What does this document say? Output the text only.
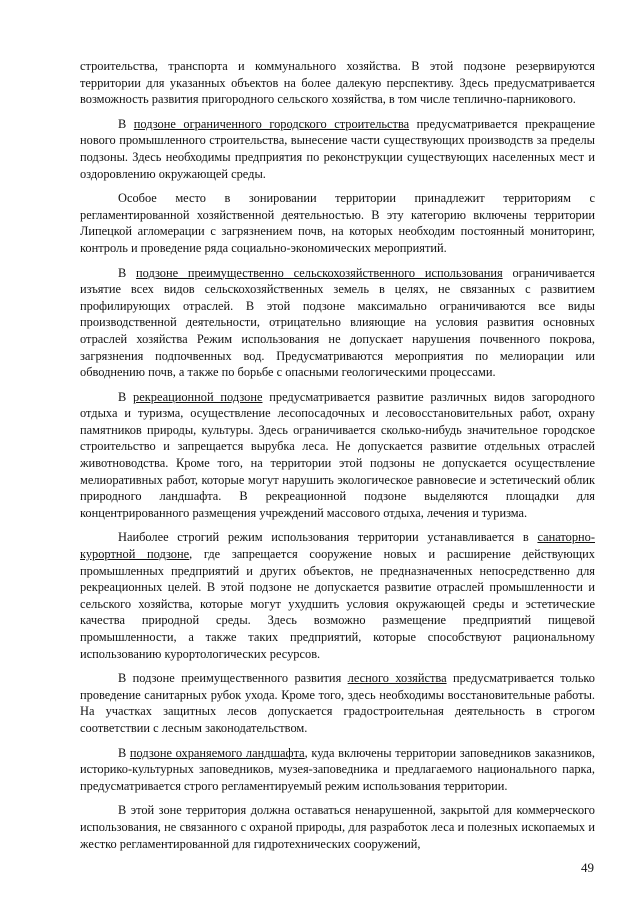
строительства, транспорта и коммунального хозяйства. В этой подзоне резервируются территории для указанных объектов на более далекую перспективу. Здесь предусматривается возможность развития пригородного сельского хозяйства, в том числе теплично-парникового.

В подзоне ограниченного городского строительства предусматривается прекращение нового промышленного строительства, вынесение части существующих производств за пределы подзоны. Здесь необходимы предприятия по реконструкции существующих населенных мест и оздоровлению окружающей среды.

Особое место в зонировании территории принадлежит территориям с регламентированной хозяйственной деятельностью. В эту категорию включены территории Липецкой агломерации с загрязнением почв, на которых необходим постоянный мониторинг, контроль и проведение ряда социально-экономических мероприятий.

В подзоне преимущественно сельскохозяйственного использования ограничивается изъятие всех видов сельскохозяйственных земель в целях, не связанных с развитием профилирующих отраслей. В этой подзоне максимально ограничиваются все виды производственной деятельности, отрицательно влияющие на условия развития основных отраслей хозяйства Режим использования не допускает нарушения почвенного покрова, загрязнения подпочвенных вод. Предусматриваются мероприятия по мелиорации или обводнению почв, а также по борьбе с опасными геологическими процессами.

В рекреационной подзоне предусматривается развитие различных видов загородного отдыха и туризма, осуществление лесопосадочных и лесовосстановительных работ, охрану памятников природы, культуры. Здесь ограничивается сколько-нибудь значительное городское строительство и запрещается вырубка леса. Не допускается развитие отдельных отраслей животноводства. Кроме того, на территории этой подзоны не допускается осуществление мелиоративных работ, которые могут нарушить экологическое равновесие и эстетический облик природного ландшафта. В рекреационной подзоне выделяются площадки для концентрированного размещения учреждений массового отдыха, лечения и туризма.

Наиболее строгий режим использования территории устанавливается в санаторно-курортной подзоне, где запрещается сооружение новых и расширение действующих промышленных предприятий и других объектов, не предназначенных непосредственно для рекреационных целей. В этой подзоне не допускается развитие отраслей промышленности и сельского хозяйства, которые могут ухудшить условия окружающей среды и эстетические качества природной среды. Здесь возможно размещение предприятий пищевой промышленности, а также таких предприятий, которые способствуют рациональному использованию курортологических ресурсов.

В подзоне преимущественного развития лесного хозяйства предусматривается только проведение санитарных рубок ухода. Кроме того, здесь необходимы восстановительные работы. На участках защитных лесов допускается градостроительная деятельность в строгом соответствии с лесным законодательством.

В подзоне охраняемого ландшафта, куда включены территории заповедников заказников, историко-культурных заповедников, музея-заповедника и предлагаемого национального парка, предусматривается строго регламентируемый режим использования территории.

В этой зоне территория должна оставаться ненарушенной, закрытой для коммерческого использования, не связанного с охраной природы, для разработок леса и полезных ископаемых и жестко регламентированной для гидротехнических сооружений,

49
